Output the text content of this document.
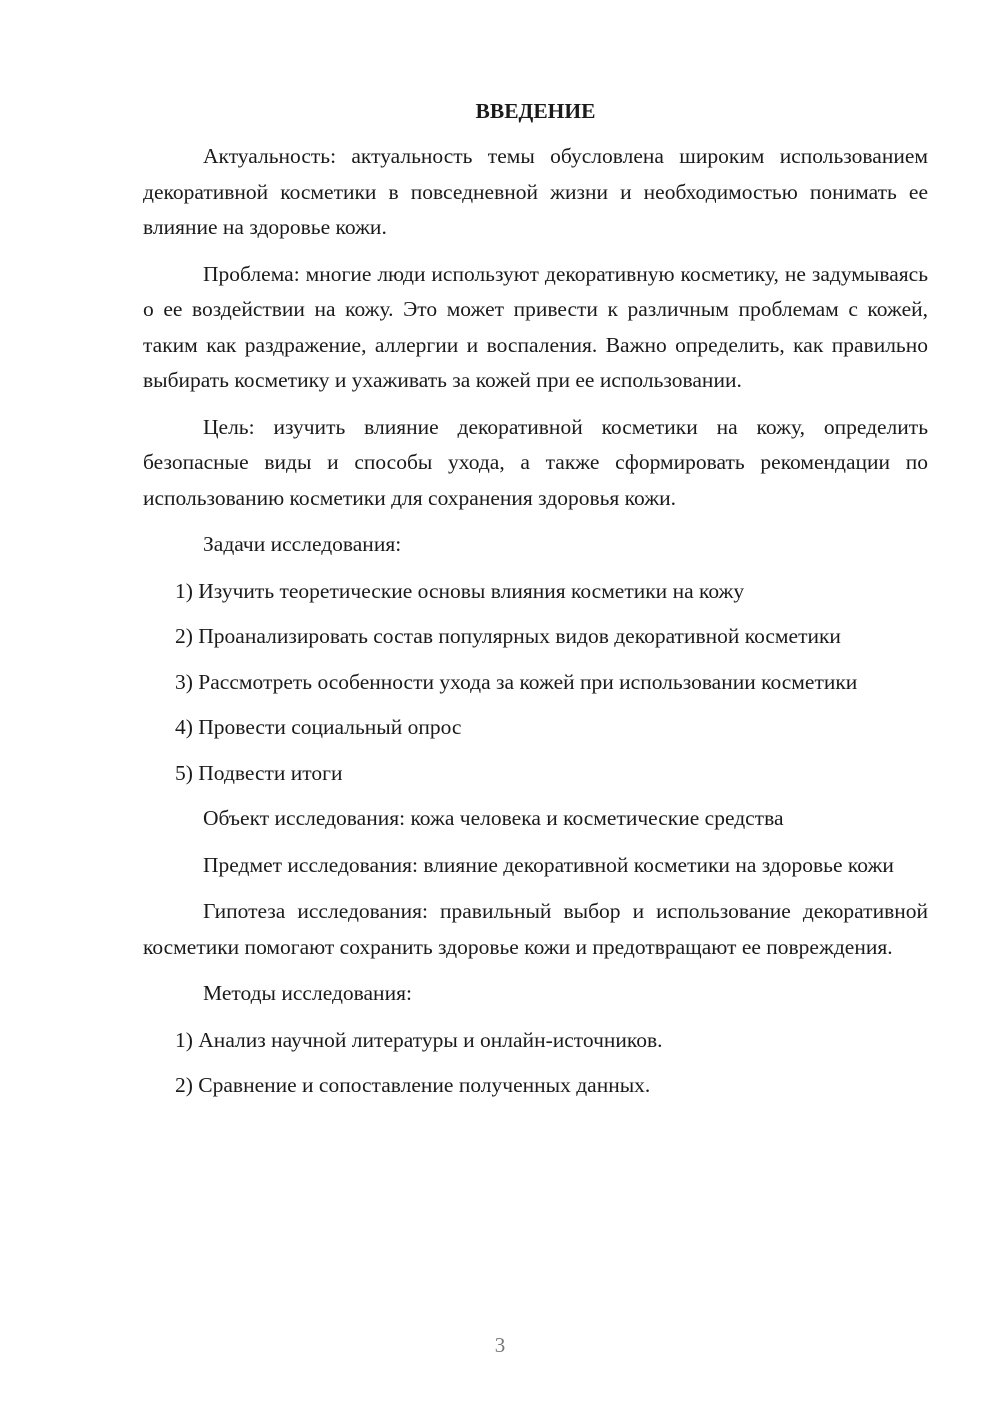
ВВЕДЕНИЕ

Актуальность: актуальность темы обусловлена широким использованием декоративной косметики в повседневной жизни и необходимостью понимать ее влияние на здоровье кожи.

Проблема: многие люди используют декоративную косметику, не задумываясь о ее воздействии на кожу. Это может привести к различным проблемам с кожей, таким как раздражение, аллергии и воспаления. Важно определить, как правильно выбирать косметику и ухаживать за кожей при ее использовании.

Цель: изучить влияние декоративной косметики на кожу, определить безопасные виды и способы ухода, а также сформировать рекомендации по использованию косметики для сохранения здоровья кожи.

Задачи исследования:

1) Изучить теоретические основы влияния косметики на кожу

2) Проанализировать состав популярных видов декоративной косметики

3) Рассмотреть особенности ухода за кожей при использовании косметики

4) Провести социальный опрос

5) Подвести итоги

Объект исследования: кожа человека и косметические средства

Предмет исследования: влияние декоративной косметики на здоровье кожи

Гипотеза исследования: правильный выбор и использование декоративной косметики помогают сохранить здоровье кожи и предотвращают ее повреждения.

Методы исследования:

1) Анализ научной литературы и онлайн-источников.

2) Сравнение и сопоставление полученных данных.

3
